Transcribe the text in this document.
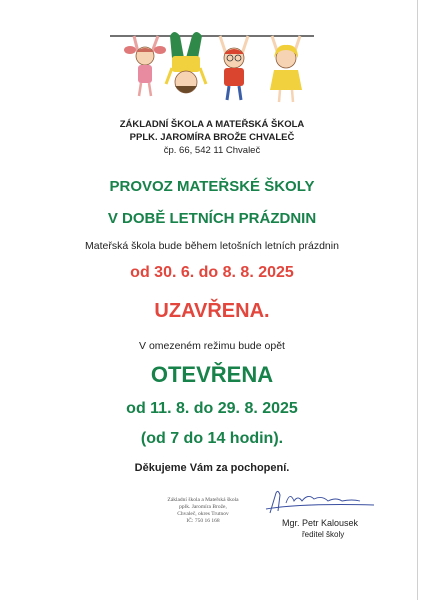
ZÁKLADNÍ ŠKOLA A MATEŘSKÁ ŠKOLA

PPLK. JAROMÍRA BROŽE CHVALEČ

čp. 66, 542 11 Chvaleč

PROVOZ MATEŘSKÉ ŠKOLY

V DOBĚ LETNÍCH PRÁZDNIN

Mateřská škola bude během letošních letních prázdnin

od 30. 6. do 8. 8. 2025

UZAVŘENA.

V omezeném režimu bude opět

OTEVŘENA

od 11. 8. do 29. 8. 2025

(od 7 do 14 hodin).

Děkujeme Vám za pochopení.

Základní škola a Mateřská škola
pplk. Jaromíra Brože,
Chvaleč, okres Trutnov
IČ: 750 16 168	Mgr. Petr Kalousek
ředitel školy
